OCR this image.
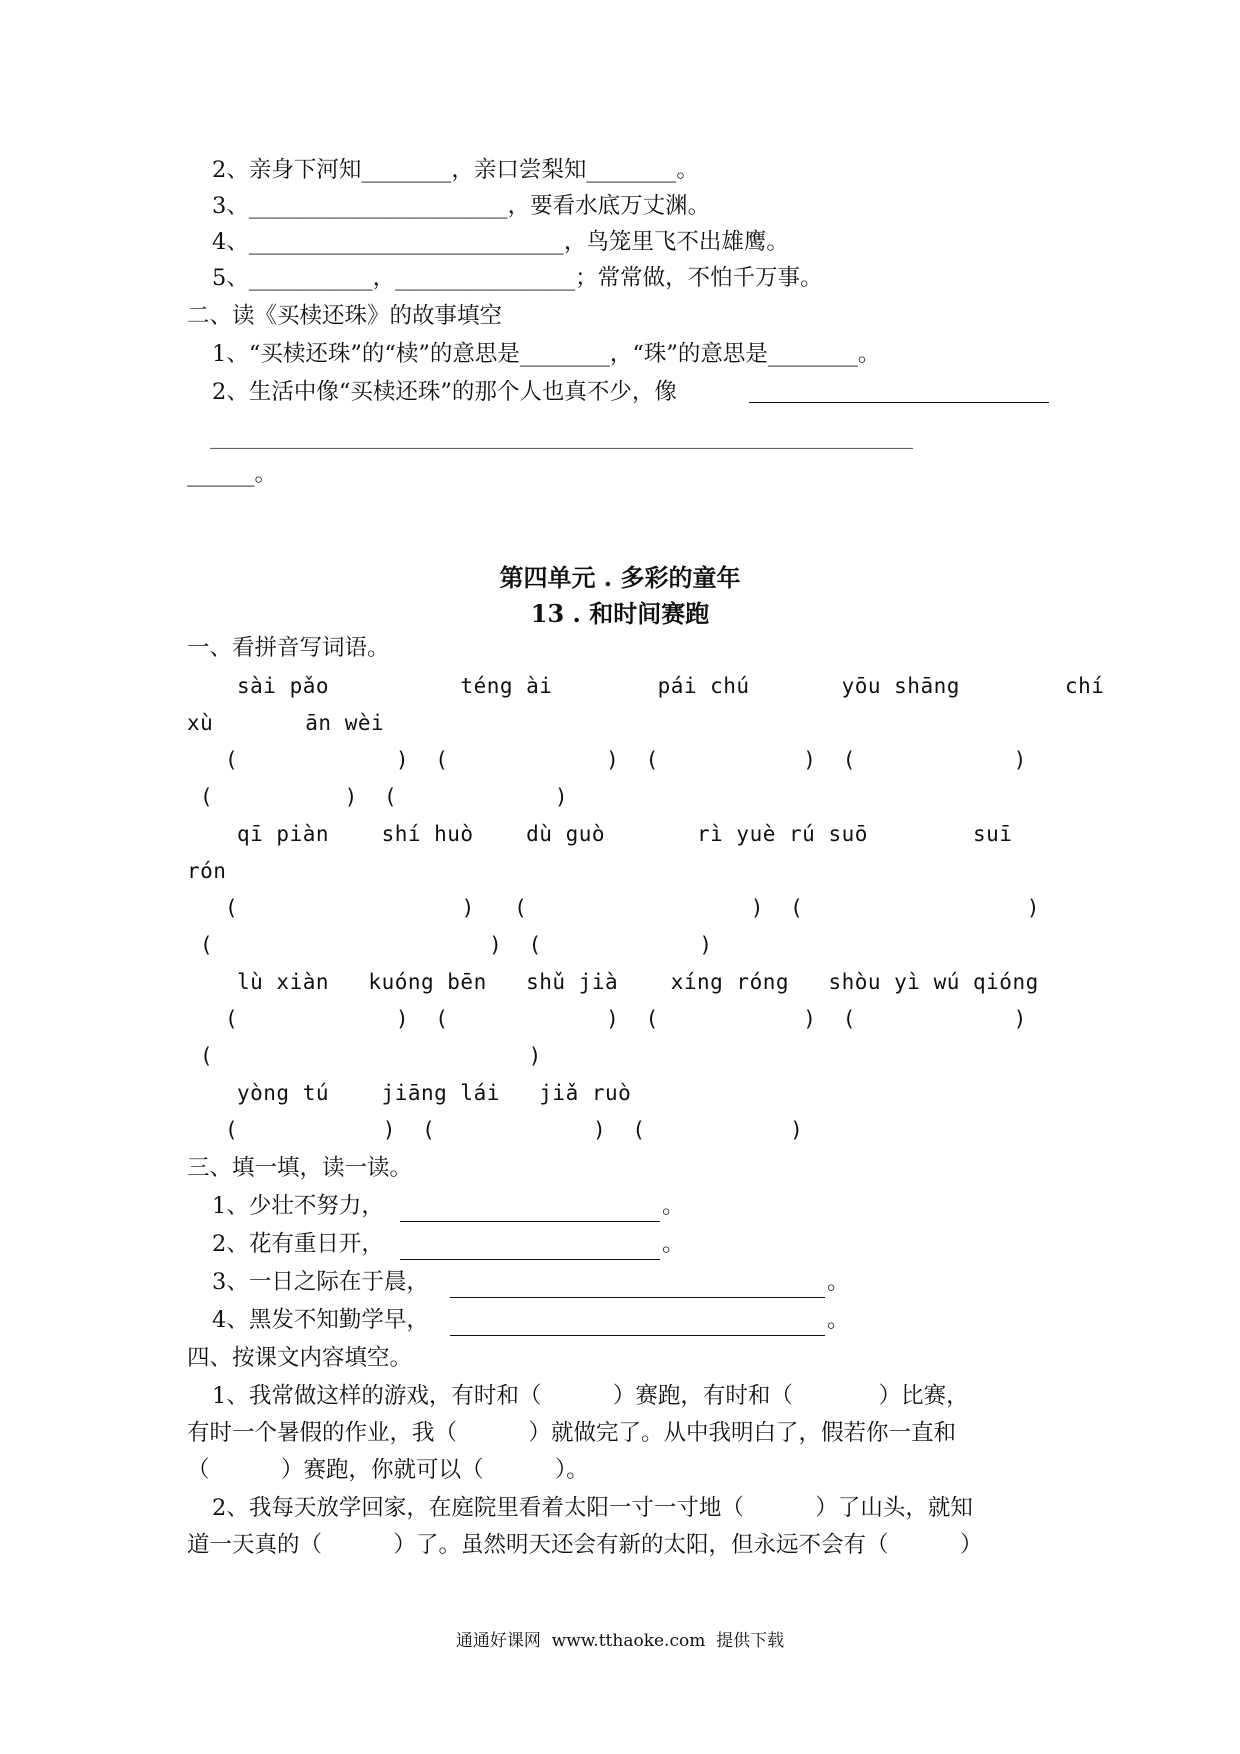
2、亲身下河知________，亲口尝梨知________。
3、_______________________，要看水底万丈渊。
4、____________________________，鸟笼里飞不出雄鹰。
5、___________，________________；常常做，不怕千万事。
二、读《买椟还珠》的故事填空
1、“买椟还珠”的“椟”的意思是________，“珠”的意思是________。
2、生活中像“买椟还珠”的那个人也真不少，像
__________________________________________________________________________
______。
第四单元 . 多彩的童年
13 . 和时间赛跑
一、看拼音写词语。
sài pǎo          téng ài        pái chú       yōu shāng        chí
xù       ān wèi
(            )  (            )  (           )  (            )
(          )  (            )
qī piàn    shí huò    dù guò       rì yuè rú suō        suī
rón
(                 )   (                 )  (                 )
(                     )  (            )
lù xiàn   kuóng bēn   shǔ jià    xíng róng   shòu yì wú qióng
(            )  (            )  (           )  (            )
(                        )
yòng tú    jiāng lái   jiǎ ruò
(           )  (            )  (           )
三、填一填，读一读。
1、少壮不努力，	。
2、花有重日开，	。
3、一日之际在于晨，	。
4、黑发不知勤学早，	。
四、按课文内容填空。
1、我常做这样的游戏，有时和（          ）赛跑，有时和（            ）比赛，
有时一个暑假的作业，我（          ）就做完了。从中我明白了，假若你一直和
（          ）赛跑，你就可以（          ）。
2、我每天放学回家，在庭院里看着太阳一寸一寸地（          ）了山头，就知
道一天真的（          ）了。虽然明天还会有新的太阳，但永远不会有（          ）
通通好课网  www.tthaoke.com  提供下载
